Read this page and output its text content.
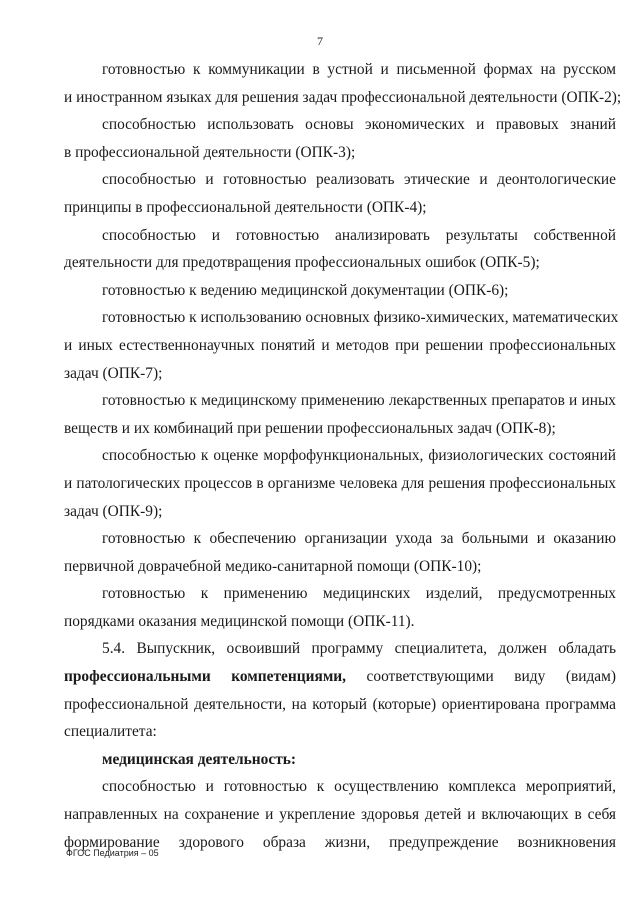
7
готовностью к коммуникации в устной и письменной формах на русском
и иностранном языках для решения задач профессиональной деятельности (ОПК-2);
способностью использовать основы экономических и правовых знаний
в профессиональной деятельности (ОПК-3);
способностью и готовностью реализовать этические и деонтологические
принципы в профессиональной деятельности (ОПК-4);
способностью и готовностью анализировать результаты собственной
деятельности для предотвращения профессиональных ошибок (ОПК-5);
готовностью к ведению медицинской документации (ОПК-6);
готовностью к использованию основных физико-химических, математических
и иных естественнонаучных понятий и методов при решении профессиональных
задач (ОПК-7);
готовностью к медицинскому применению лекарственных препаратов и иных
веществ и их комбинаций при решении профессиональных задач (ОПК-8);
способностью к оценке морфофункциональных, физиологических состояний
и патологических процессов в организме человека для решения профессиональных
задач (ОПК-9);
готовностью к обеспечению организации ухода за больными и оказанию
первичной доврачебной медико-санитарной помощи (ОПК-10);
готовностью к применению медицинских изделий, предусмотренных
порядками оказания медицинской помощи (ОПК-11).
5.4. Выпускник, освоивший программу специалитета, должен обладать
профессиональными компетенциями, соответствующими виду (видам)
профессиональной деятельности, на который (которые) ориентирована программа
специалитета:
медицинская деятельность:
способностью и готовностью к осуществлению комплекса мероприятий,
направленных на сохранение и укрепление здоровья детей и включающих в себя
формирование здорового образа жизни, предупреждение возникновения
ФГОС Педиатрия – 05
